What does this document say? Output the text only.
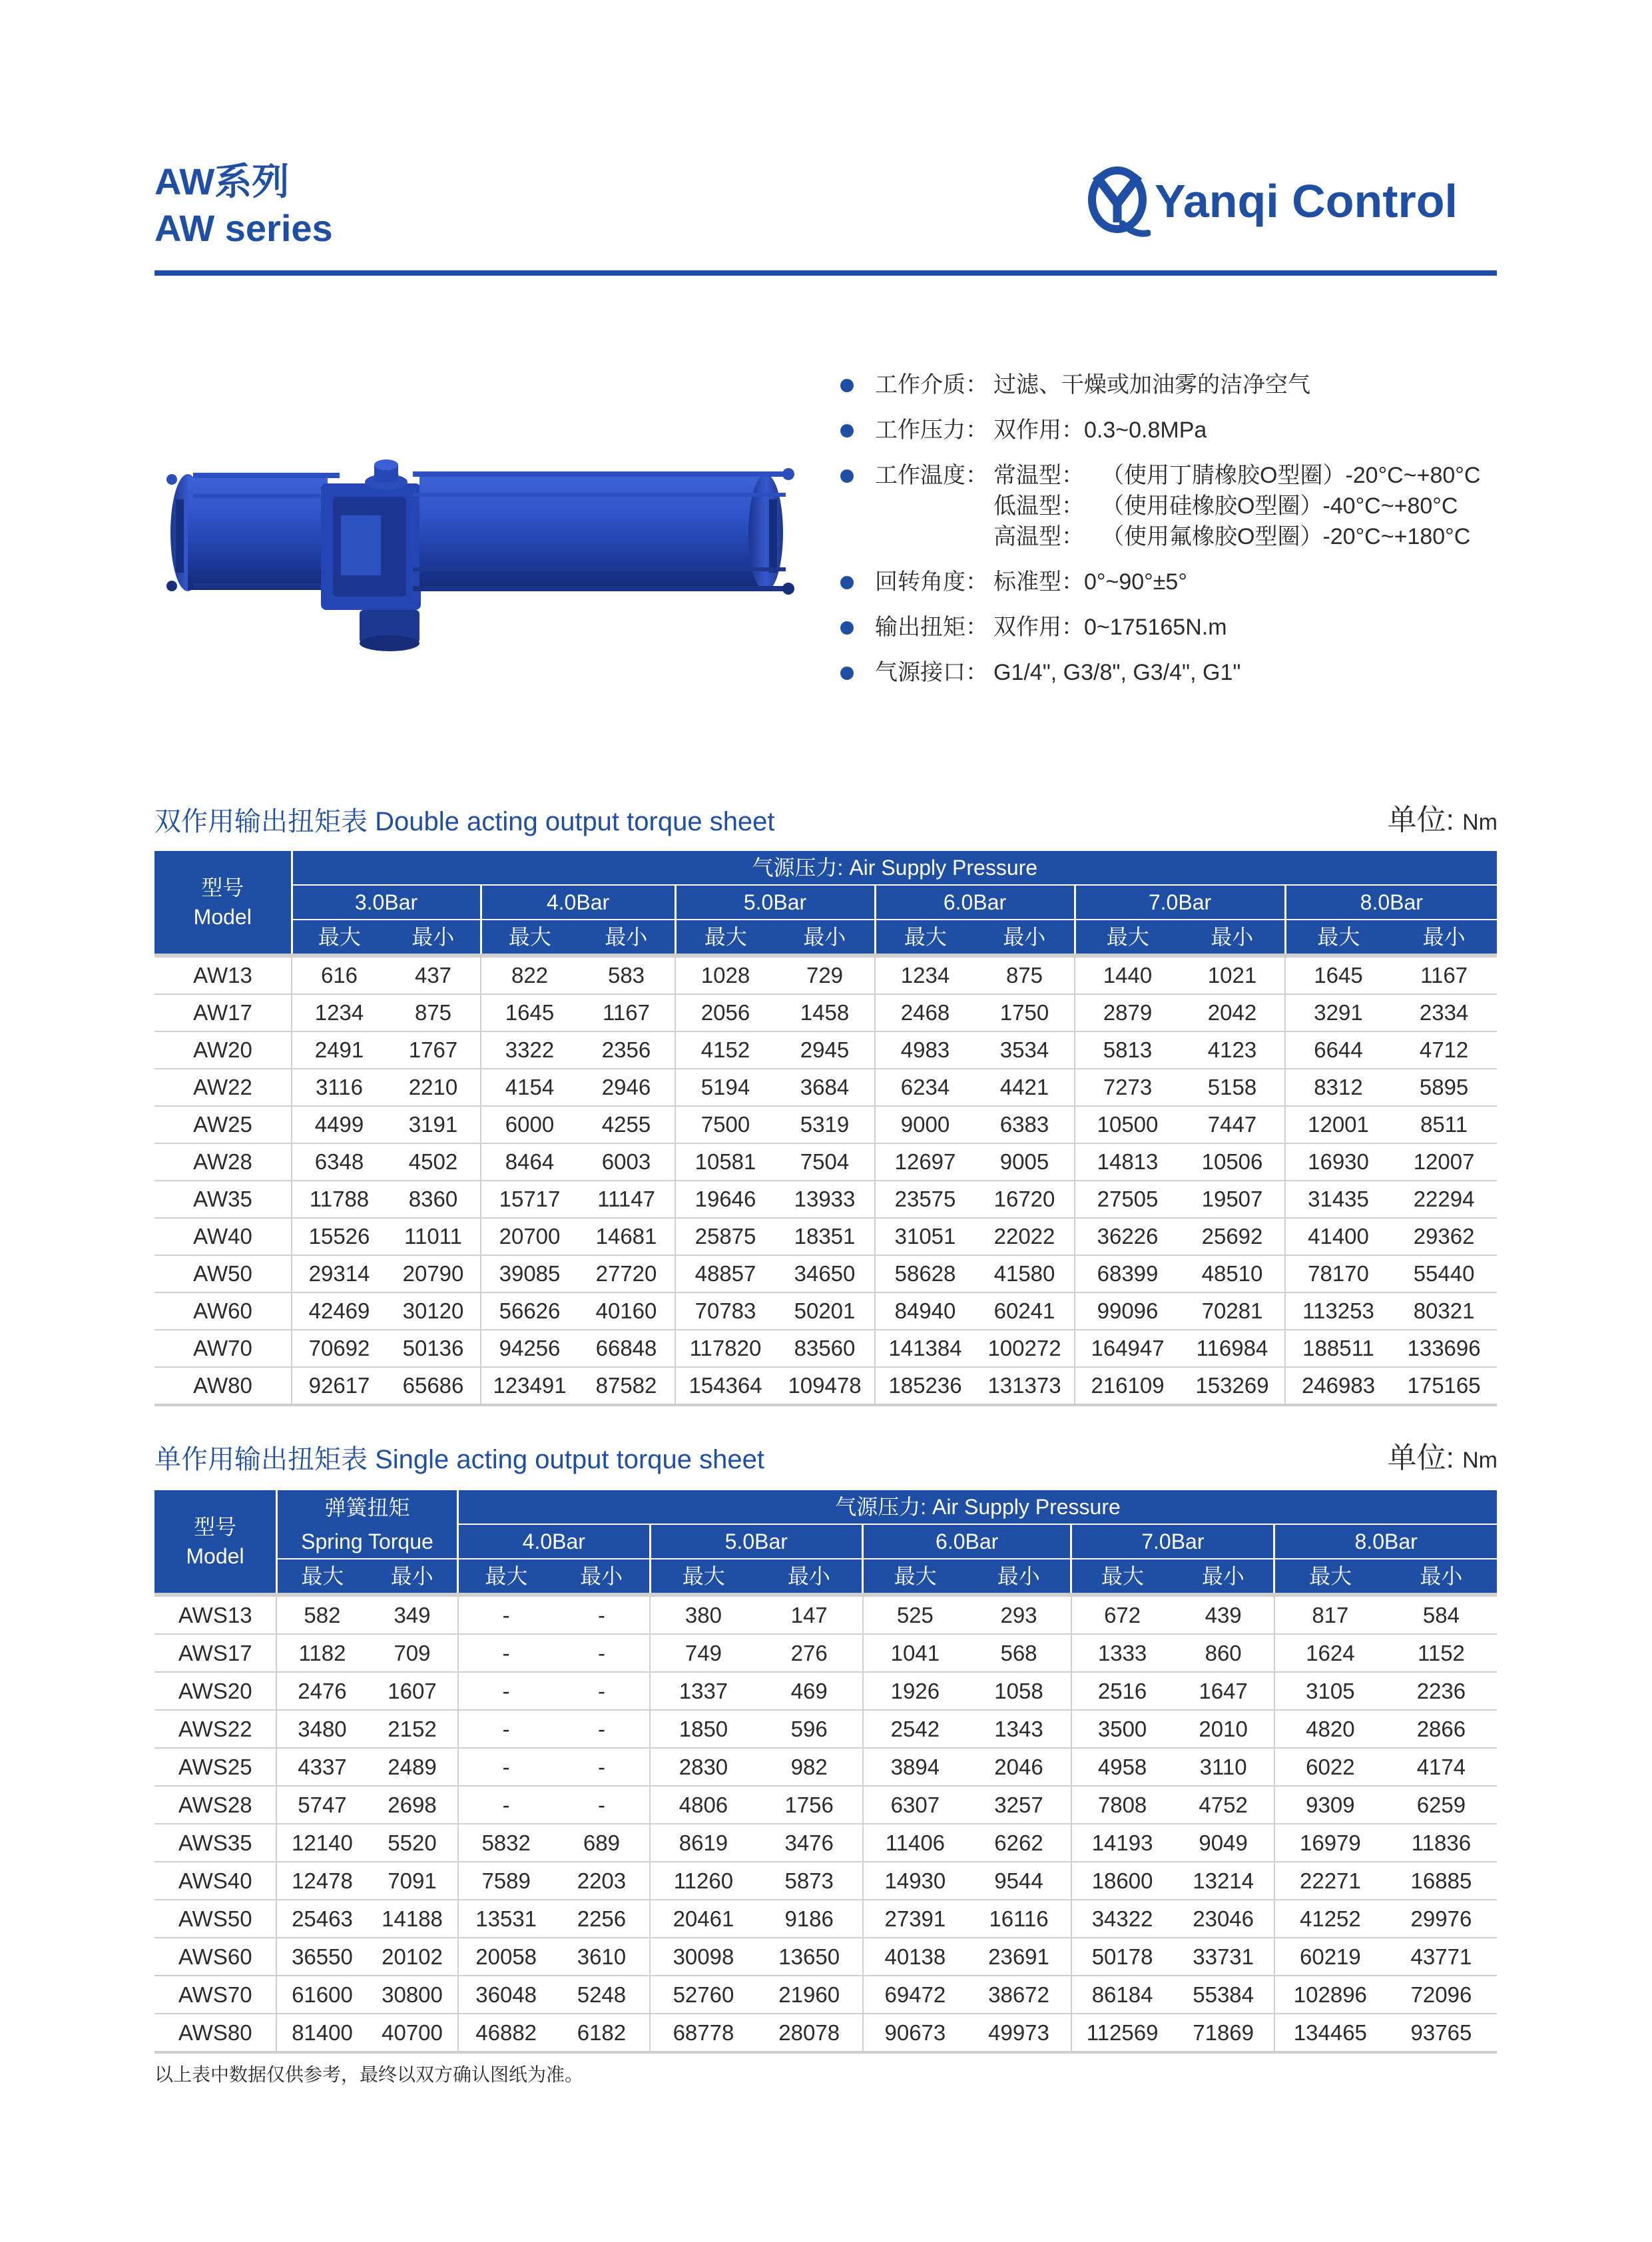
AW系列
AW series
Yanqi Control
工作介质： 过滤、干燥或加油雾的洁净空气
工作压力： 双作用：0.3~0.8MPa
工作温度： 常温型： （使用丁腈橡胶O型圈）-20°C~+80°C
低温型： （使用硅橡胶O型圈）-40°C~+80°C
高温型： （使用氟橡胶O型圈）-20°C~+180°C
回转角度： 标准型：0°~90°±5°
输出扭矩： 双作用：0~175165N.m
气源接口： G1/4", G3/8", G3/4", G1"
双作用输出扭矩表 Double acting output torque sheet	单位: Nm
型号
Model	气源压力: Air Supply Pressure											
	3.0Bar		4.0Bar		5.0Bar		6.0Bar		7.0Bar		8.0Bar	
	最大	最小	最大	最小	最大	最小	最大	最小	最大	最小	最大	最小
AW13	616	437	822	583	1028	729	1234	875	1440	1021	1645	1167
AW17	1234	875	1645	1167	2056	1458	2468	1750	2879	2042	3291	2334
AW20	2491	1767	3322	2356	4152	2945	4983	3534	5813	4123	6644	4712
AW22	3116	2210	4154	2946	5194	3684	6234	4421	7273	5158	8312	5895
AW25	4499	3191	6000	4255	7500	5319	9000	6383	10500	7447	12001	8511
AW28	6348	4502	8464	6003	10581	7504	12697	9005	14813	10506	16930	12007
AW35	11788	8360	15717	11147	19646	13933	23575	16720	27505	19507	31435	22294
AW40	15526	11011	20700	14681	25875	18351	31051	22022	36226	25692	41400	29362
AW50	29314	20790	39085	27720	48857	34650	58628	41580	68399	48510	78170	55440
AW60	42469	30120	56626	40160	70783	50201	84940	60241	99096	70281	113253	80321
AW70	70692	50136	94256	66848	117820	83560	141384	100272	164947	116984	188511	133696
AW80	92617	65686	123491	87582	154364	109478	185236	131373	216109	153269	246983	175165
单作用输出扭矩表 Single acting output torque sheet	单位: Nm
型号
Model	弹簧扭矩		气源压力: Air Supply Pressure									
	Spring Torque		4.0Bar		5.0Bar		6.0Bar		7.0Bar		8.0Bar	
	最大	最小	最大	最小	最大	最小	最大	最小	最大	最小	最大	最小
AWS13	582	349	-	-	380	147	525	293	672	439	817	584
AWS17	1182	709	-	-	749	276	1041	568	1333	860	1624	1152
AWS20	2476	1607	-	-	1337	469	1926	1058	2516	1647	3105	2236
AWS22	3480	2152	-	-	1850	596	2542	1343	3500	2010	4820	2866
AWS25	4337	2489	-	-	2830	982	3894	2046	4958	3110	6022	4174
AWS28	5747	2698	-	-	4806	1756	6307	3257	7808	4752	9309	6259
AWS35	12140	5520	5832	689	8619	3476	11406	6262	14193	9049	16979	11836
AWS40	12478	7091	7589	2203	11260	5873	14930	9544	18600	13214	22271	16885
AWS50	25463	14188	13531	2256	20461	9186	27391	16116	34322	23046	41252	29976
AWS60	36550	20102	20058	3610	30098	13650	40138	23691	50178	33731	60219	43771
AWS70	61600	30800	36048	5248	52760	21960	69472	38672	86184	55384	102896	72096
AWS80	81400	40700	46882	6182	68778	28078	90673	49973	112569	71869	134465	93765
以上表中数据仅供参考，最终以双方确认图纸为准。
